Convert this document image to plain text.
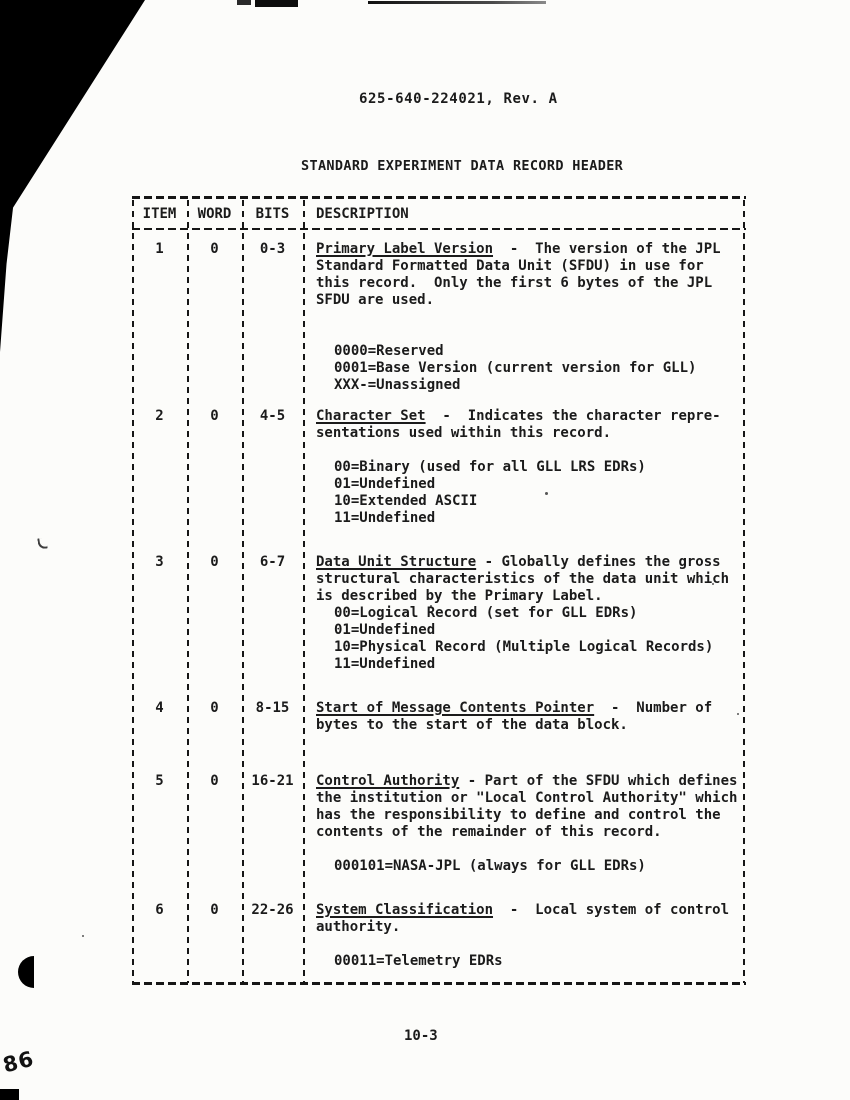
86
625-640-224021, Rev. A
STANDARD EXPERIMENT DATA RECORD HEADER
ITEM	WORD	BITS	DESCRIPTION
1	0	0-3	Primary Label Version  -  The version of the JPL
Standard Formatted Data Unit (SFDU) in use for
this record.  Only the first 6 bytes of the JPL
SFDU are used.
0000=Reserved
0001=Base Version (current version for GLL)
XXX-=Unassigned
2	0	4-5	Character Set  -  Indicates the character repre-
sentations used within this record.
00=Binary (used for all GLL LRS EDRs)
01=Undefined
10=Extended ASCII
11=Undefined
3	0	6-7	Data Unit Structure - Globally defines the gross
structural characteristics of the data unit which
is described by the Primary Label.
00=Logical Record (set for GLL EDRs)
01=Undefined
10=Physical Record (Multiple Logical Records)
11=Undefined
4	0	8-15	Start of Message Contents Pointer  -  Number of
bytes to the start of the data block.
5	0	16-21	Control Authority - Part of the SFDU which defines
the institution or "Local Control Authority" which
has the responsibility to define and control the
contents of the remainder of this record.
000101=NASA-JPL (always for GLL EDRs)
6	0	22-26	System Classification  -  Local system of control
authority.
00011=Telemetry EDRs
10-3
